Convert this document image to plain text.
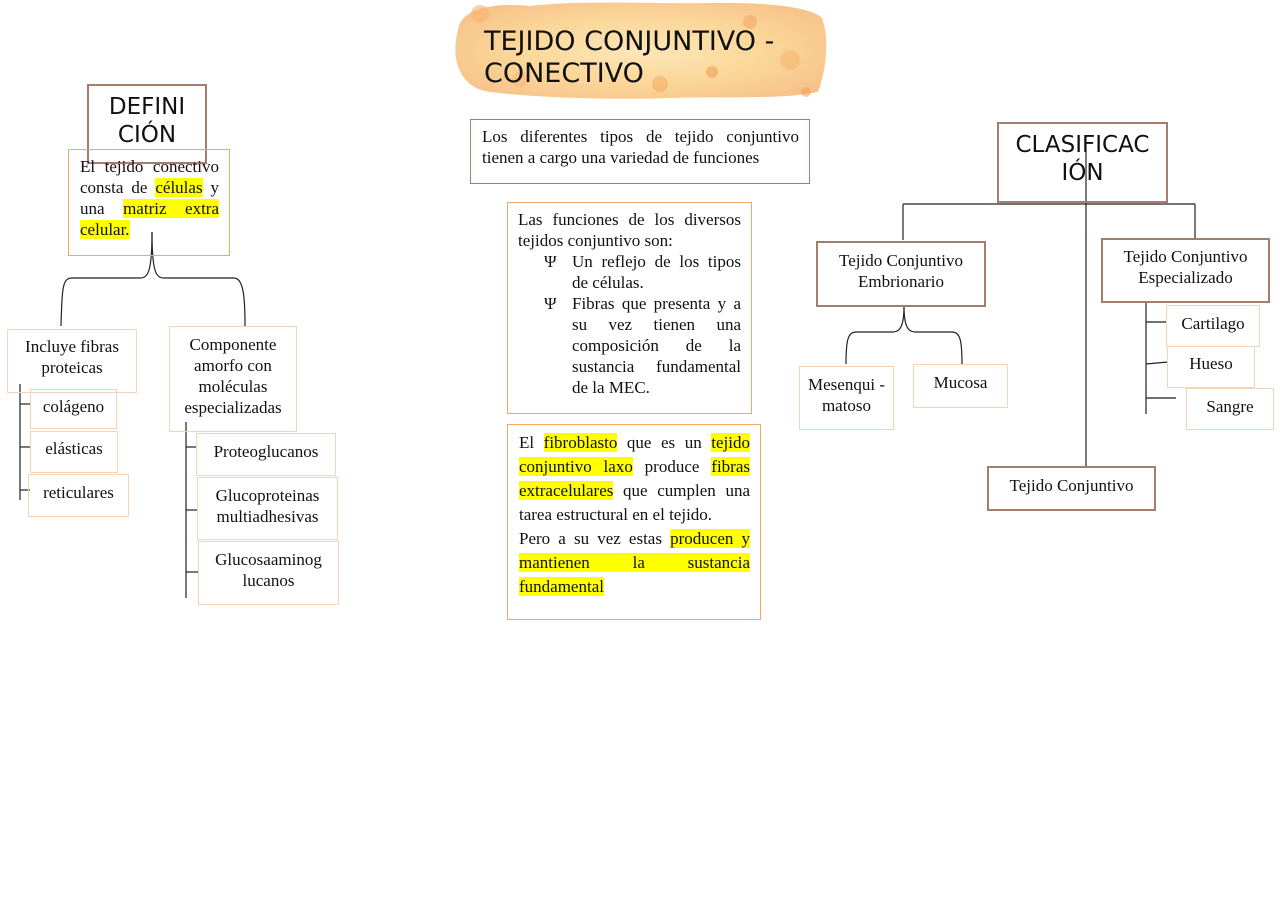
TEJIDO CONJUNTIVO -
CONECTIVO
DEFINI
CIÓN
El tejido conectivo consta de células y una matriz extra celular.
Incluye fibras proteicas
colágeno
elásticas
reticulares
Componente amorfo con moléculas especializadas
Proteoglucanos
Glucoproteinas multiadhesivas
Glucosaaminog lucanos
Los diferentes tipos de tejido conjuntivo tienen a cargo una variedad de funciones
Las funciones de los diversos tejidos conjuntivo son:
Ψ Un reflejo de los tipos de células.
Ψ Fibras que presenta y a su vez tienen una composición de la sustancia fundamental de la MEC.
El fibroblasto que es un tejido conjuntivo laxo produce fibras extracelulares que cumplen una tarea estructural en el tejido.
Pero a su vez estas producen y mantienen la sustancia fundamental
CLASIFICAC
IÓN
Tejido Conjuntivo Embrionario
Mesenqui -matoso
Mucosa
Tejido Conjuntivo Especializado
Cartilago
Hueso
Sangre
Tejido Conjuntivo
